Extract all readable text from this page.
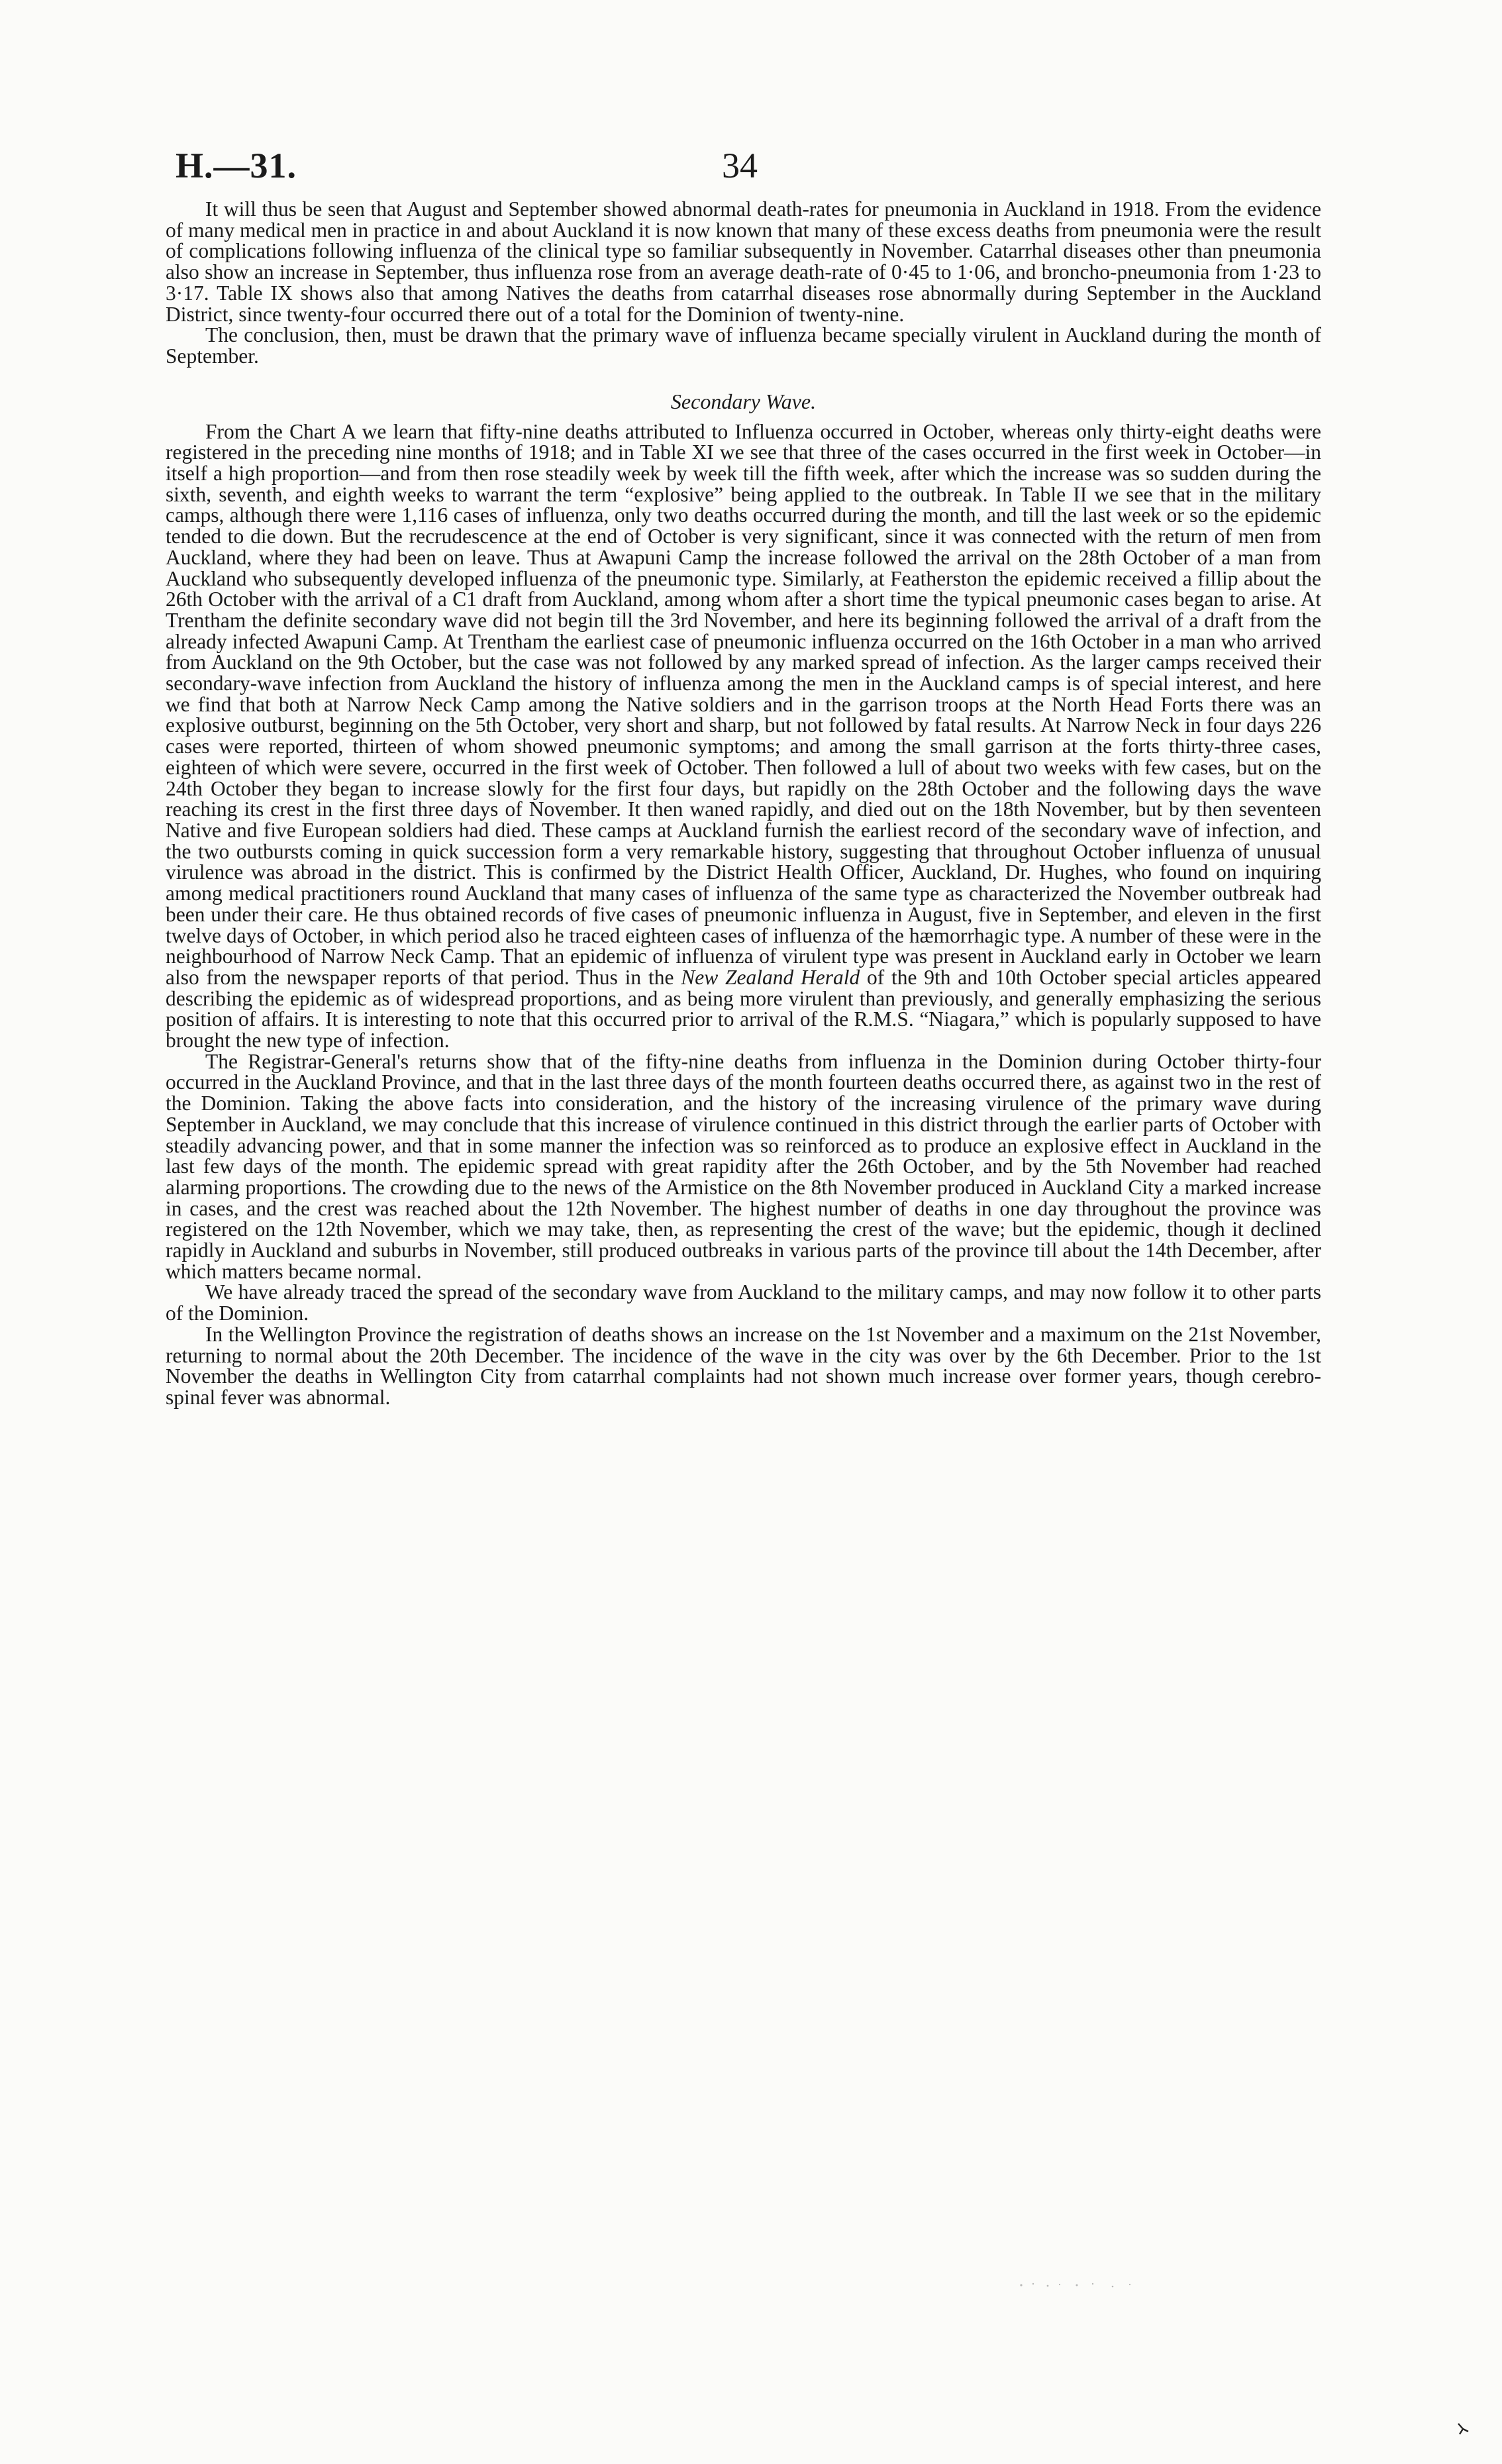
H.—31.	34

It will thus be seen that August and September showed abnormal death-rates for pneumonia in Auckland in 1918. From the evidence of many medical men in practice in and about Auckland it is now known that many of these excess deaths from pneumonia were the result of complications following influenza of the clinical type so familiar subsequently in November. Catarrhal diseases other than pneumonia also show an increase in September, thus influenza rose from an average death-rate of 0·45 to 1·06, and broncho-pneumonia from 1·23 to 3·17. Table IX shows also that among Natives the deaths from catarrhal diseases rose abnormally during September in the Auckland District, since twenty-four occurred there out of a total for the Dominion of twenty-nine.

The conclusion, then, must be drawn that the primary wave of influenza became specially virulent in Auckland during the month of September.

Secondary Wave.

From the Chart A we learn that fifty-nine deaths attributed to Influenza occurred in October, whereas only thirty-eight deaths were registered in the preceding nine months of 1918; and in Table XI we see that three of the cases occurred in the first week in October—in itself a high proportion—and from then rose steadily week by week till the fifth week, after which the increase was so sudden during the sixth, seventh, and eighth weeks to warrant the term “explosive” being applied to the outbreak. In Table II we see that in the military camps, although there were 1,116 cases of influenza, only two deaths occurred during the month, and till the last week or so the epidemic tended to die down. But the recrudescence at the end of October is very significant, since it was connected with the return of men from Auckland, where they had been on leave. Thus at Awapuni Camp the increase followed the arrival on the 28th October of a man from Auckland who subsequently developed influenza of the pneumonic type. Similarly, at Featherston the epidemic received a fillip about the 26th October with the arrival of a C1 draft from Auckland, among whom after a short time the typical pneumonic cases began to arise. At Trentham the definite secondary wave did not begin till the 3rd November, and here its beginning followed the arrival of a draft from the already infected Awapuni Camp. At Trentham the earliest case of pneumonic influenza occurred on the 16th October in a man who arrived from Auckland on the 9th October, but the case was not followed by any marked spread of infection. As the larger camps received their secondary-wave infection from Auckland the history of influenza among the men in the Auckland camps is of special interest, and here we find that both at Narrow Neck Camp among the Native soldiers and in the garrison troops at the North Head Forts there was an explosive outburst, beginning on the 5th October, very short and sharp, but not followed by fatal results. At Narrow Neck in four days 226 cases were reported, thirteen of whom showed pneumonic symptoms; and among the small garrison at the forts thirty-three cases, eighteen of which were severe, occurred in the first week of October. Then followed a lull of about two weeks with few cases, but on the 24th October they began to increase slowly for the first four days, but rapidly on the 28th October and the following days the wave reaching its crest in the first three days of November. It then waned rapidly, and died out on the 18th November, but by then seventeen Native and five European soldiers had died. These camps at Auckland furnish the earliest record of the secondary wave of infection, and the two outbursts coming in quick succession form a very remarkable history, suggesting that throughout October influenza of unusual virulence was abroad in the district. This is confirmed by the District Health Officer, Auckland, Dr. Hughes, who found on inquiring among medical practitioners round Auckland that many cases of influenza of the same type as characterized the November outbreak had been under their care. He thus obtained records of five cases of pneumonic influenza in August, five in September, and eleven in the first twelve days of October, in which period also he traced eighteen cases of influenza of the hæmorrhagic type. A number of these were in the neighbourhood of Narrow Neck Camp. That an epidemic of influenza of virulent type was present in Auckland early in October we learn also from the newspaper reports of that period. Thus in the New Zealand Herald of the 9th and 10th October special articles appeared describing the epidemic as of widespread proportions, and as being more virulent than previously, and generally emphasizing the serious position of affairs. It is interesting to note that this occurred prior to arrival of the R.M.S. “Niagara,” which is popularly supposed to have brought the new type of infection.

The Registrar-General's returns show that of the fifty-nine deaths from influenza in the Dominion during October thirty-four occurred in the Auckland Province, and that in the last three days of the month fourteen deaths occurred there, as against two in the rest of the Dominion. Taking the above facts into consideration, and the history of the increasing virulence of the primary wave during September in Auckland, we may conclude that this increase of virulence continued in this district through the earlier parts of October with steadily advancing power, and that in some manner the infection was so reinforced as to produce an explosive effect in Auckland in the last few days of the month. The epidemic spread with great rapidity after the 26th October, and by the 5th November had reached alarming proportions. The crowding due to the news of the Armistice on the 8th November produced in Auckland City a marked increase in cases, and the crest was reached about the 12th November. The highest number of deaths in one day throughout the province was registered on the 12th November, which we may take, then, as representing the crest of the wave; but the epidemic, though it declined rapidly in Auckland and suburbs in November, still produced outbreaks in various parts of the province till about the 14th December, after which matters became normal.

We have already traced the spread of the secondary wave from Auckland to the military camps, and may now follow it to other parts of the Dominion.

In the Wellington Province the registration of deaths shows an increase on the 1st November and a maximum on the 21st November, returning to normal about the 20th December. The incidence of the wave in the city was over by the 6th December. Prior to the 1st November the deaths in Wellington City from catarrhal complaints had not shown much increase over former years, though cerebro-spinal fever was abnormal.
